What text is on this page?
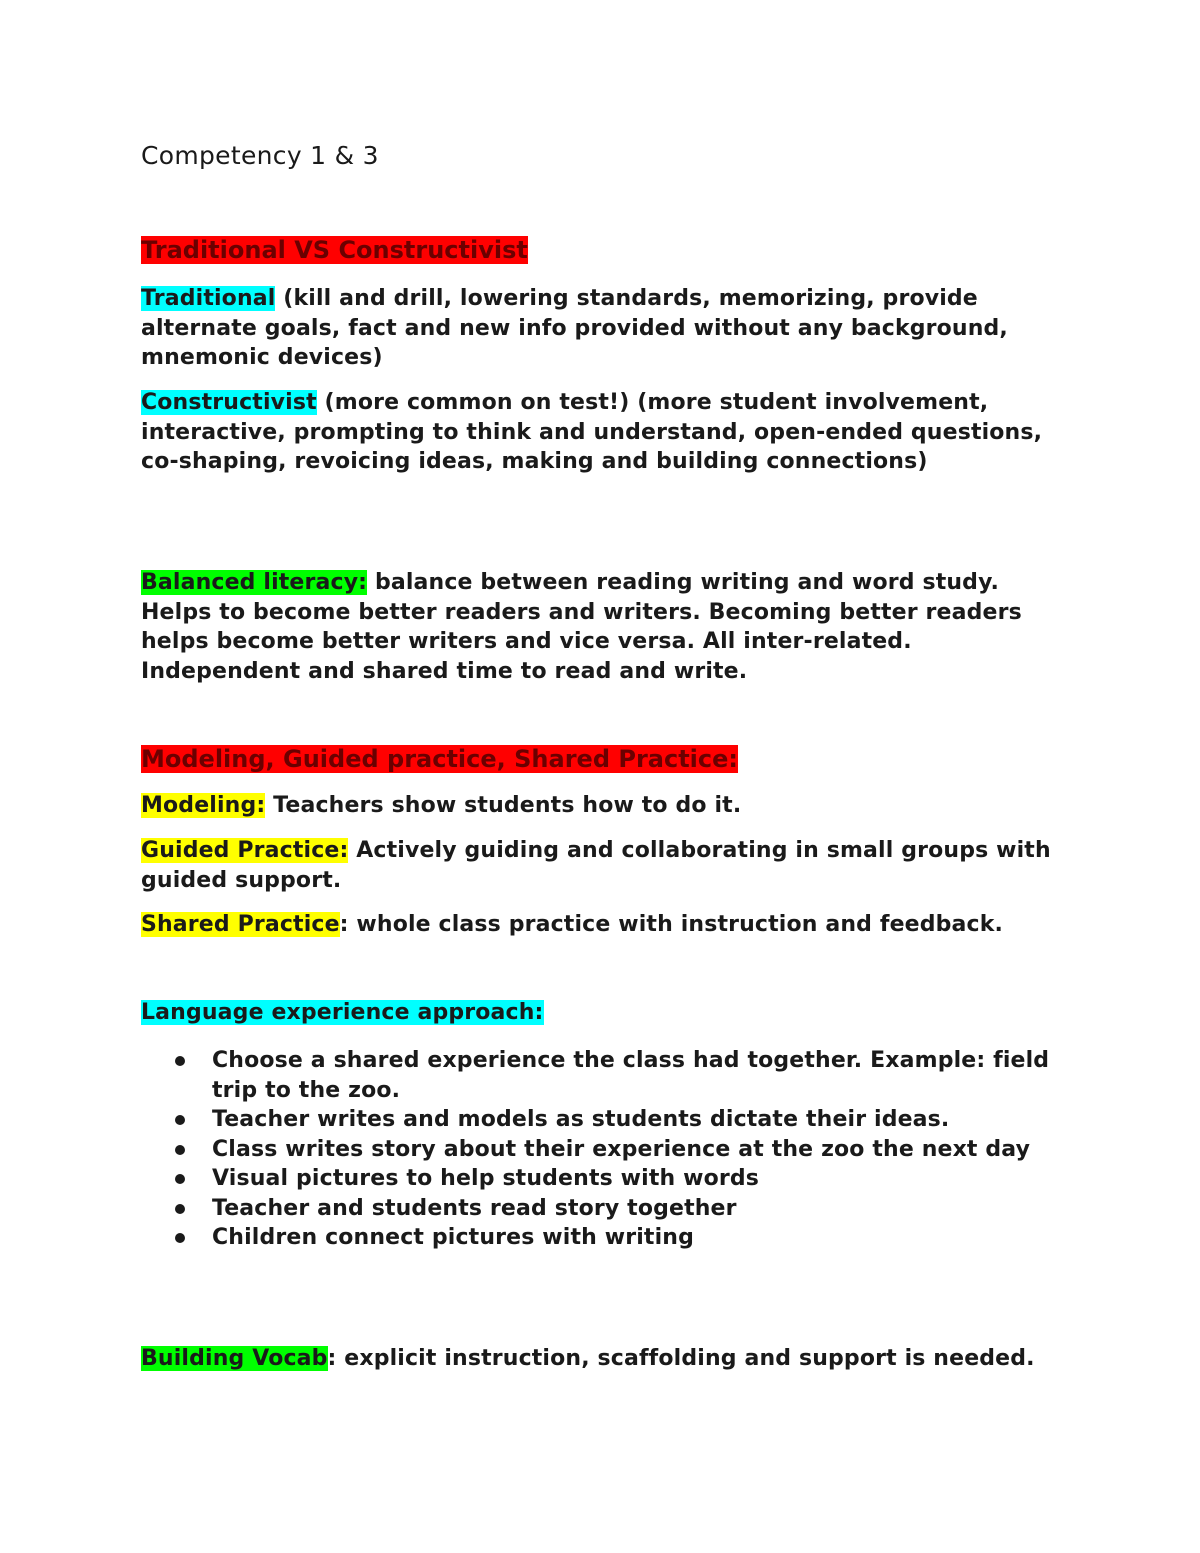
Competency 1 & 3
Traditional VS Constructivist

Traditional (kill and drill, lowering standards, memorizing, provide alternate goals, fact and new info provided without any background, mnemonic devices)

Constructivist (more common on test!) (more student involvement, interactive, prompting to think and understand, open-ended questions, co-shaping, revoicing ideas, making and building connections)

Balanced literacy: balance between reading writing and word study. Helps to become better readers and writers. Becoming better readers helps become better writers and vice versa. All inter-related. Independent and shared time to read and write.

Modeling, Guided practice, Shared Practice:

Modeling: Teachers show students how to do it.

Guided Practice: Actively guiding and collaborating in small groups with guided support.

Shared Practice: whole class practice with instruction and feedback.

Language experience approach:
Choose a shared experience the class had together. Example: field trip to the zoo.
Teacher writes and models as students dictate their ideas.
Class writes story about their experience at the zoo the next day
Visual pictures to help students with words
Teacher and students read story together
Children connect pictures with writing

Building Vocab: explicit instruction, scaffolding and support is needed.
